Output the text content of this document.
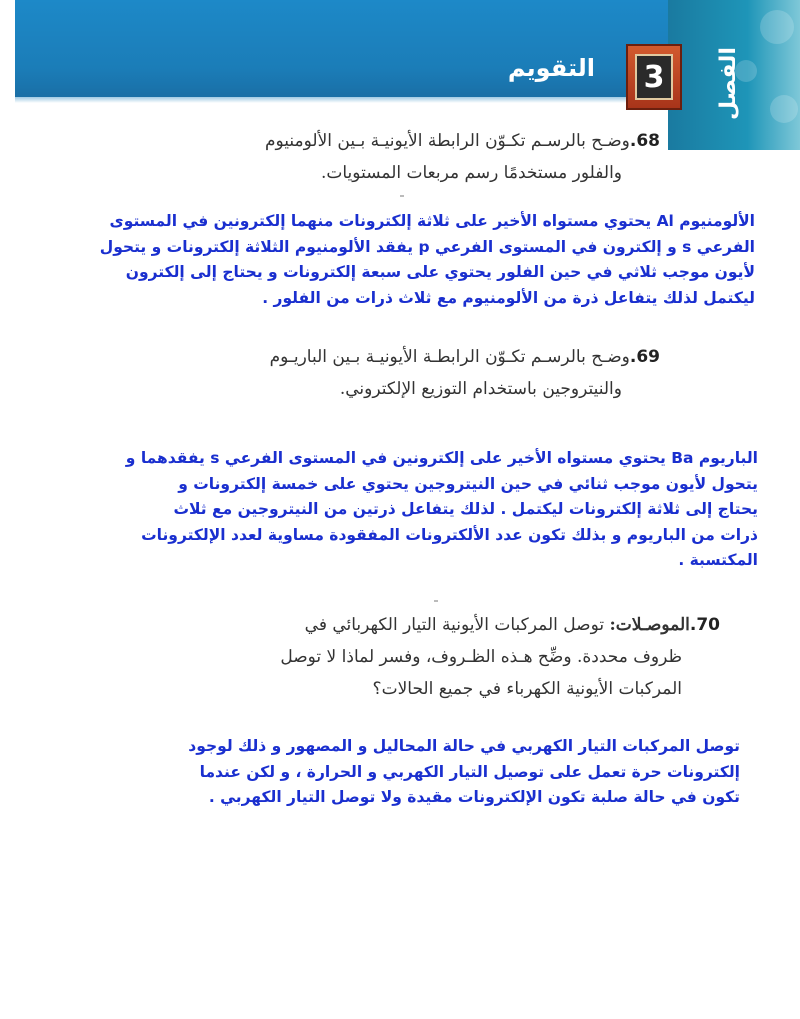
التقويم 3	الفصل
68.وضـح بالرسـم تكـوّن الرابطة الأيونيـة بـين الألومنيوم
والفلور مستخدمًا رسم مربعات المستويات.
الألومنيوم Al يحتوي مستواه الأخير على ثلاثة إلكترونات منهما إلكترونين في المستوى
الفرعي s و إلكترون في المستوى الفرعي p يفقد الألومنيوم الثلاثة إلكترونات و يتحول
لأيون موجب ثلاثي في حين الفلور يحتوي على سبعة إلكترونات و يحتاج إلى إلكترون
ليكتمل لذلك يتفاعل ذرة من الألومنيوم مع ثلاث ذرات من الفلور .
69.وضـح بالرسـم تكـوّن الرابطـة الأيونيـة بـين الباريـوم
والنيتروجين باستخدام التوزيع الإلكتروني.
الباريوم Ba يحتوي مستواه الأخير على إلكترونين في المستوى الفرعي s يفقدهما و
يتحول لأيون موجب ثنائي في حين النيتروجين يحتوي على خمسة إلكترونات و
يحتاج إلى ثلاثة إلكترونات ليكتمل . لذلك يتفاعل ذرتين من النيتروجين مع ثلاث
ذرات من الباريوم و بذلك تكون عدد الألكترونات المفقودة مساوية لعدد الإلكترونات
المكتسبة .
70.الموصـلات: توصل المركبات الأيونية التيار الكهربائي في
ظروف محددة. وضِّح هـذه الظـروف، وفسر لماذا لا توصل
المركبات الأيونية الكهرباء في جميع الحالات؟
توصل المركبات التيار الكهربي في حالة المحاليل و المصهور و ذلك لوجود
إلكترونات حرة تعمل على توصيل التيار الكهربي و الحرارة ، و لكن عندما
تكون في حالة صلبة تكون الإلكترونات مقيدة ولا توصل التيار الكهربي .
